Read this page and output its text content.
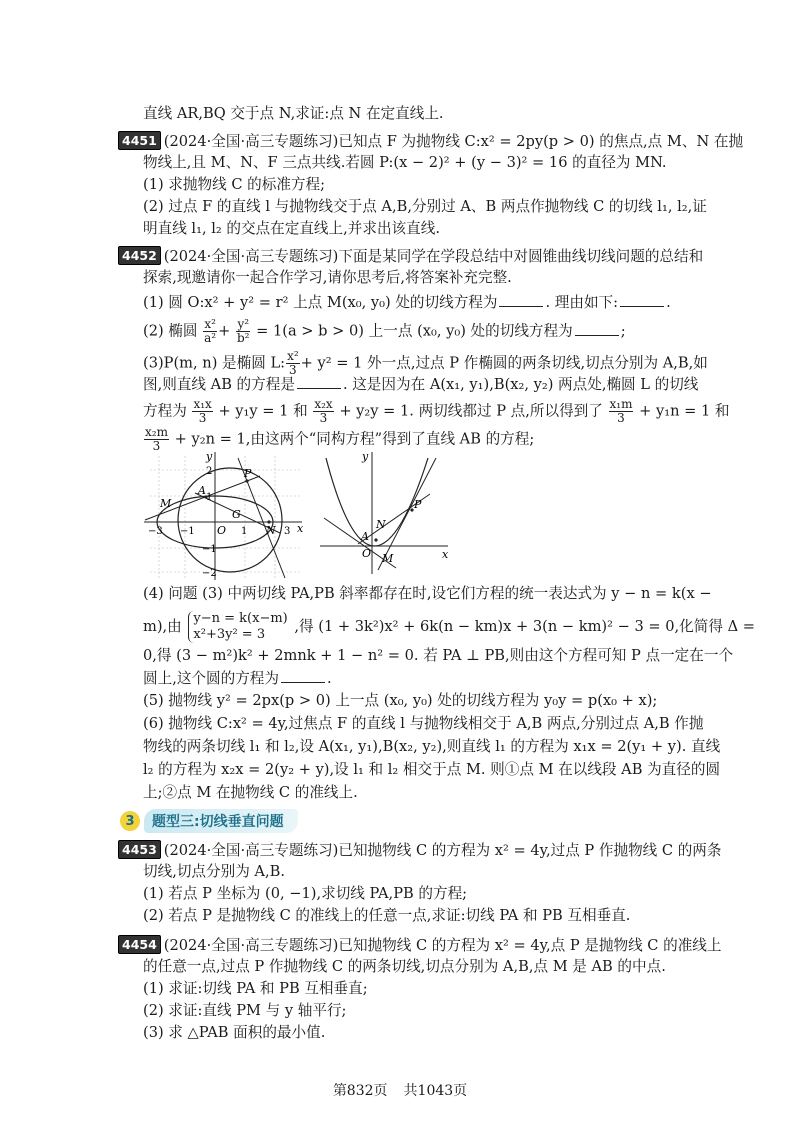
直线 AR,BQ 交于点 N,求证:点 N 在定直线上.
4451 (2024·全国·高三专题练习)已知点 F 为抛物线 C:x² = 2py(p > 0) 的焦点,点 M、N 在抛
物线上,且 M、N、F 三点共线.若圆 P:(x − 2)² + (y − 3)² = 16 的直径为 MN.
(1) 求抛物线 C 的标准方程;
(2) 过点 F 的直线 l 与抛物线交于点 A,B,分别过 A、B 两点作抛物线 C 的切线 l₁, l₂,证
明直线 l₁, l₂ 的交点在定直线上,并求出该直线.
4452 (2024·全国·高三专题练习)下面是某同学在学段总结中对圆锥曲线切线问题的总结和
探索,现邀请你一起合作学习,请你思考后,将答案补充完整.
(1) 圆 O:x² + y² = r² 上点 M(x₀, y₀) 处的切线方程为	. 理由如下:	.
(2) 椭圆 $\frac{\text{x²}}{\text{a²}} + \frac{\text{y²}}{\text{b²}} = 1(a > b > 0)$ 上一点 (x₀, y₀) 处的切线方程为	;
(3)P(m, n) 是椭圆 L: $\frac{\text{x²}}{3} + y^2 = 1$ 外一点,过点 P 作椭圆的两条切线,切点分别为 A,B,如
图,则直线 AB 的方程是	. 这是因为在 A(x₁, y₁),B(x₂, y₂) 两点处,椭圆 L 的切线
方程为 $\frac{\text{x₁x}}{3} + y_1y = 1$ 和 $\frac{\text{x₂x}}{3} + y_2y = 1$. 两切线都过 P 点,所以得到了 $\frac{\text{x₁m}}{3} + y_1n = 1$ 和
$\frac{\text{x₂m}}{3} + y_2n = 1$,由这两个“同构方程”得到了直线 AB 的方程;
y
x
P
A
M
G
N
O
2
1
−1
−2
−3 −1	1	3
y
x
P
A
N
O M
(4) 问题 (3) 中两切线 PA,PB 斜率都存在时,设它们方程的统一表达式为 y − n = k(x −
m),由 y−n = k(x−m)
x²+3y² = 3	,得 (1 + 3k²)x² + 6k(n − km)x + 3(n − km)² − 3 = 0,化简得 Δ =
0,得 (3 − m²)k² + 2mnk + 1 − n² = 0. 若 PA ⊥ PB,则由这个方程可知 P 点一定在一个
圆上,这个圆的方程为	.
(5) 抛物线 y² = 2px(p > 0) 上一点 (x₀, y₀) 处的切线方程为 y₀y = p(x₀ + x);
(6) 抛物线 C:x² = 4y,过焦点 F 的直线 l 与抛物线相交于 A,B 两点,分别过点 A,B 作抛
物线的两条切线 l₁ 和 l₂,设 A(x₁, y₁),B(x₂, y₂),则直线 l₁ 的方程为 x₁x = 2(y₁ + y). 直线
l₂ 的方程为 x₂x = 2(y₂ + y),设 l₁ 和 l₂ 相交于点 M. 则①点 M 在以线段 AB 为直径的圆
上;②点 M 在抛物线 C 的准线上.
3	题型三:切线垂直问题
4453 (2024·全国·高三专题练习)已知抛物线 C 的方程为 x² = 4y,过点 P 作抛物线 C 的两条
切线,切点分别为 A,B.
(1) 若点 P 坐标为 (0, −1),求切线 PA,PB 的方程;
(2) 若点 P 是抛物线 C 的准线上的任意一点,求证:切线 PA 和 PB 互相垂直.
4454 (2024·全国·高三专题练习)已知抛物线 C 的方程为 x² = 4y,点 P 是抛物线 C 的准线上
的任意一点,过点 P 作抛物线 C 的两条切线,切点分别为 A,B,点 M 是 AB 的中点.
(1) 求证:切线 PA 和 PB 互相垂直;
(2) 求证:直线 PM 与 y 轴平行;
(3) 求 △PAB 面积的最小值.
第832页 共1043页
